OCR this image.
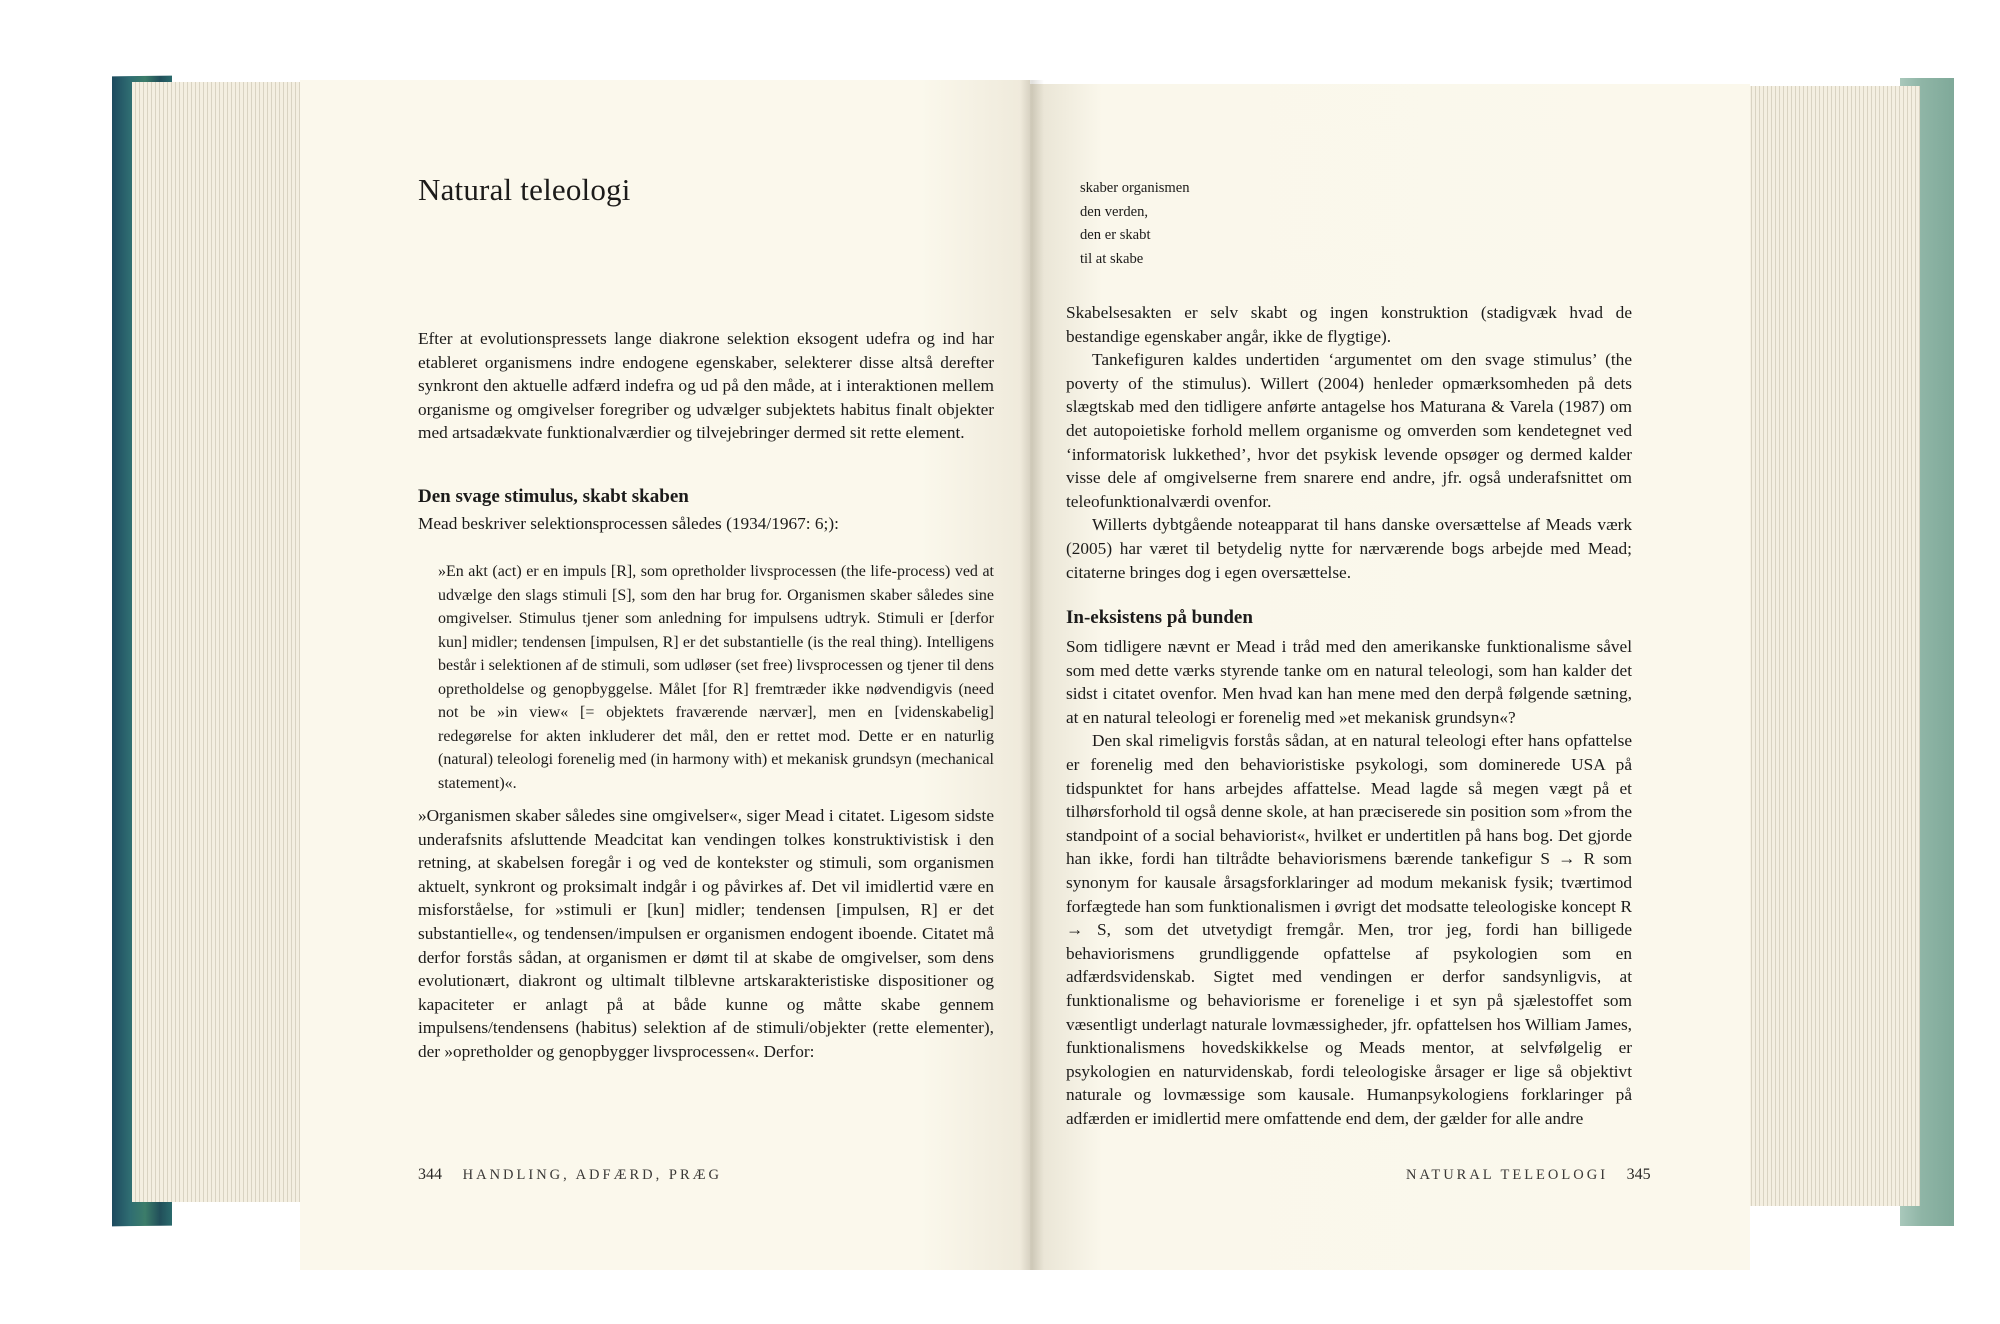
Natural teleologi

Efter at evolutionspressets lange diakrone selektion eksogent udefra og ind har etableret organismens indre endogene egenskaber, selekterer disse altså derefter synkront den aktuelle adfærd indefra og ud på den måde, at i interaktionen mellem organisme og omgivelser foregriber og udvælger subjektets habitus finalt objekter med artsadækvate funktionalværdier og tilvejebringer dermed sit rette element.

Den svage stimulus, skabt skaben

Mead beskriver selektionsprocessen således (1934/1967: 6;):

»En akt (act) er en impuls [R], som opretholder livsprocessen (the life-process) ved at udvælge den slags stimuli [S], som den har brug for. Organismen skaber således sine omgivelser. Stimulus tjener som anledning for impulsens udtryk. Stimuli er [derfor kun] midler; tendensen [impulsen, R] er det substantielle (is the real thing). Intelligens består i selektionen af de stimuli, som udløser (set free) livsprocessen og tjener til dens opretholdelse og genopbyggelse. Målet [for R] fremtræder ikke nødvendigvis (need not be »in view« [= objektets fraværende nærvær], men en [videnskabelig] redegørelse for akten inkluderer det mål, den er rettet mod. Dette er en naturlig (natural) teleologi forenelig med (in harmony with) et mekanisk grundsyn (mechanical statement)«.

»Organismen skaber således sine omgivelser«, siger Mead i citatet. Ligesom sidste underafsnits afsluttende Meadcitat kan vendingen tolkes konstruktivistisk i den retning, at skabelsen foregår i og ved de kontekster og stimuli, som organismen aktuelt, synkront og proksimalt indgår i og påvirkes af. Det vil imidlertid være en misforståelse, for »stimuli er [kun] midler; tendensen [impulsen, R] er det substantielle«, og tendensen/impulsen er organismen endogent iboende. Citatet må derfor forstås sådan, at organismen er dømt til at skabe de omgivelser, som dens evolutionært, diakront og ultimalt tilblevne artskarakteristiske dispositioner og kapaciteter er anlagt på at både kunne og måtte skabe gennem impulsens/tendensens (habitus) selektion af de stimuli/objekter (rette elementer), der »opretholder og genopbygger livsprocessen«. Derfor:

344 HANDLING, ADFÆRD, PRÆG
skaber organismen
den verden,
den er skabt
til at skabe

Skabelsesakten er selv skabt og ingen konstruktion (stadigvæk hvad de bestandige egenskaber angår, ikke de flygtige).

Tankefiguren kaldes undertiden ‘argumentet om den svage stimulus’ (the poverty of the stimulus). Willert (2004) henleder opmærksomheden på dets slægtskab med den tidligere anførte antagelse hos Maturana & Varela (1987) om det autopoietiske forhold mellem organisme og omverden som kendetegnet ved ‘informatorisk lukkethed’, hvor det psykisk levende opsøger og dermed kalder visse dele af omgivelserne frem snarere end andre, jfr. også underafsnittet om teleofunktionalværdi ovenfor.

Willerts dybtgående noteapparat til hans danske oversættelse af Meads værk (2005) har været til betydelig nytte for nærværende bogs arbejde med Mead; citaterne bringes dog i egen oversættelse.

In-eksistens på bunden

Som tidligere nævnt er Mead i tråd med den amerikanske funktionalisme såvel som med dette værks styrende tanke om en natural teleologi, som han kalder det sidst i citatet ovenfor. Men hvad kan han mene med den derpå følgende sætning, at en natural teleologi er forenelig med »et mekanisk grundsyn«?

Den skal rimeligvis forstås sådan, at en natural teleologi efter hans opfattelse er forenelig med den behavioristiske psykologi, som dominerede USA på tidspunktet for hans arbejdes affattelse. Mead lagde så megen vægt på et tilhørsforhold til også denne skole, at han præciserede sin position som »from the standpoint of a social behaviorist«, hvilket er undertitlen på hans bog. Det gjorde han ikke, fordi han tiltrådte behaviorismens bærende tankefigur S → R som synonym for kausale årsagsforklaringer ad modum mekanisk fysik; tværtimod forfægtede han som funktionalismen i øvrigt det modsatte teleologiske koncept R → S, som det utvetydigt fremgår. Men, tror jeg, fordi han billigede behaviorismens grundliggende opfattelse af psykologien som en adfærdsvidenskab. Sigtet med vendingen er derfor sandsynligvis, at funktionalisme og behaviorisme er forenelige i et syn på sjælestoffet som væsentligt underlagt naturale lovmæssigheder, jfr. opfattelsen hos William James, funktionalismens hovedskikkelse og Meads mentor, at selvfølgelig er psykologien en naturvidenskab, fordi teleologiske årsager er lige så objektivt naturale og lovmæssige som kausale. Humanpsykologiens forklaringer på adfærden er imidlertid mere omfattende end dem, der gælder for alle andre

NATURAL TELEOLOGI 345
